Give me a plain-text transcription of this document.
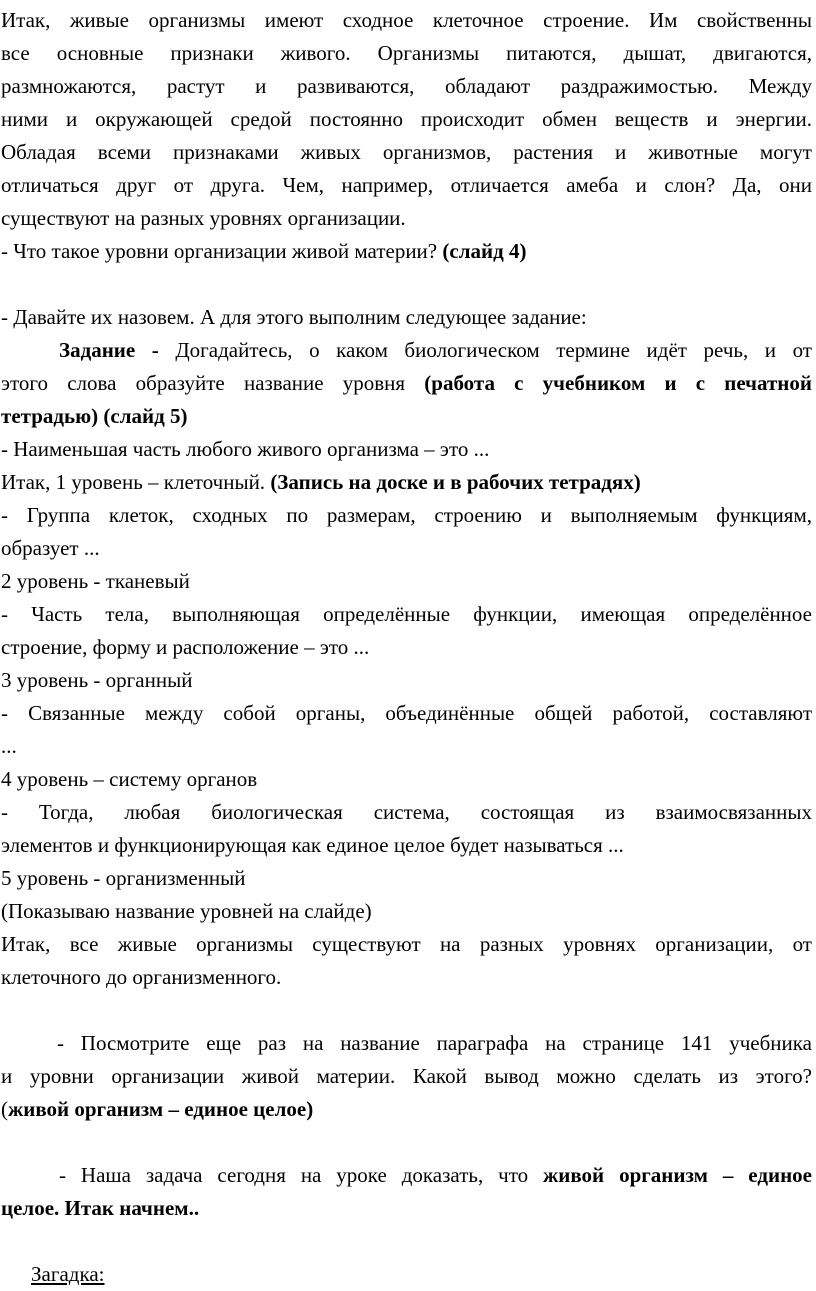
Итак, живые организмы имеют сходное клеточное строение. Им свойственны
все основные признаки живого. Организмы питаются, дышат, двигаются,
размножаются, растут и развиваются, обладают раздражимостью. Между
ними и окружающей средой постоянно происходит обмен веществ и энергии.
Обладая всеми признаками живых организмов, растения и животные могут
отличаться друг от друга. Чем, например, отличается амеба и слон? Да, они
существуют на разных уровнях организации.
- Что такое уровни организации живой материи? (слайд 4)
- Давайте их назовем. А для этого выполним следующее задание:
Задание - Догадайтесь, о каком биологическом термине идёт речь, и от
этого слова образуйте название уровня (работа с учебником и с печатной
тетрадью) (слайд 5)
- Наименьшая часть любого живого организма – это ...
Итак, 1 уровень – клеточный. (Запись на доске и в рабочих тетрадях)
- Группа клеток, сходных по размерам, строению и выполняемым функциям,
образует ...
2 уровень - тканевый
- Часть тела, выполняющая определённые функции, имеющая определённое
строение, форму и расположение – это ...
3 уровень - органный
- Связанные между собой органы, объединённые общей работой, составляют
...
4 уровень – систему органов
- Тогда, любая биологическая система, состоящая из взаимосвязанных
элементов и функционирующая как единое целое будет называться ...
5 уровень - организменный
(Показываю название уровней на слайде)
Итак, все живые организмы существуют на разных уровнях организации, от
клеточного до организменного.
- Посмотрите еще раз на название параграфа на странице 141 учебника
и уровни организации живой материи. Какой вывод можно сделать из этого?
(живой организм – единое целое)
- Наша задача сегодня на уроке доказать, что живой организм – единое
целое. Итак начнем..
Загадка:
